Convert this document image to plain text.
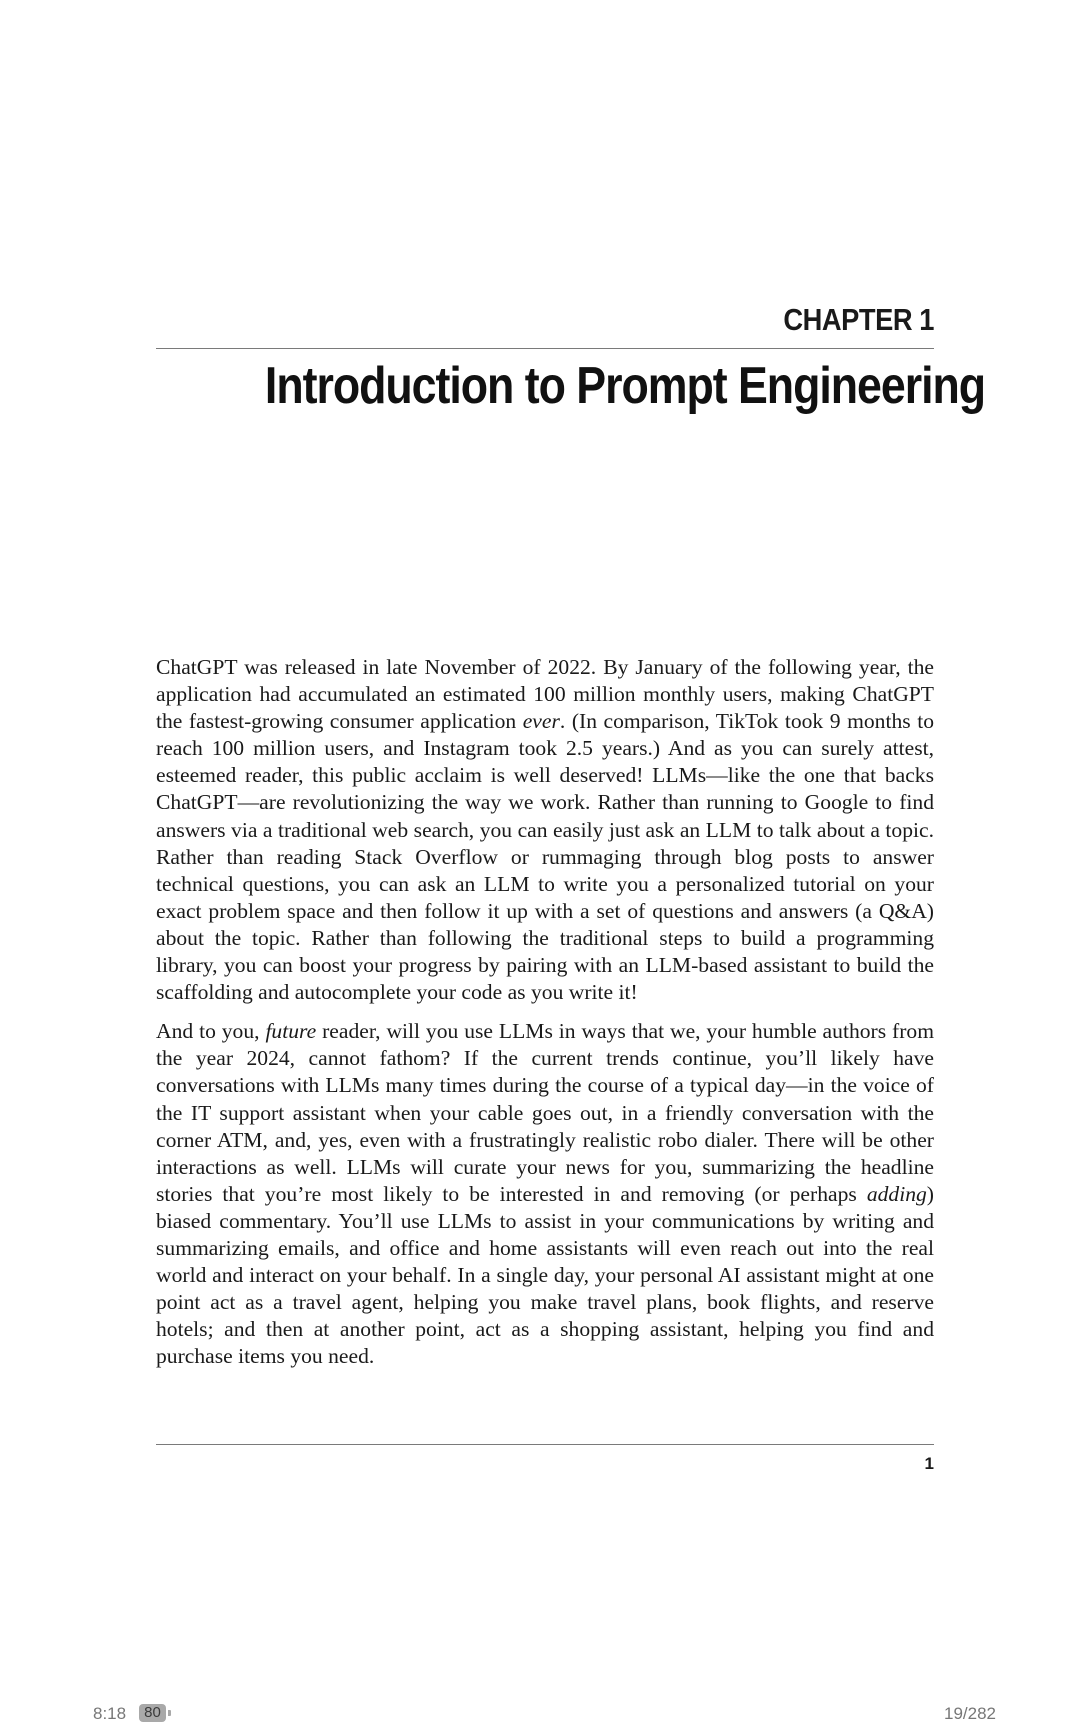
CHAPTER 1
Introduction to Prompt Engineering

ChatGPT was released in late November of 2022. By January of the following year, the application had accumulated an estimated 100 million monthly users, making ChatGPT the fastest-growing consumer application ever. (In comparison, TikTok took 9 months to reach 100 million users, and Instagram took 2.5 years.) And as you can surely attest, esteemed reader, this public acclaim is well deserved! LLMs—like the one that backs ChatGPT—are revolutionizing the way we work. Rather than running to Google to find answers via a traditional web search, you can easily just ask an LLM to talk about a topic. Rather than reading Stack Overflow or rummaging through blog posts to answer technical questions, you can ask an LLM to write you a personalized tutorial on your exact problem space and then follow it up with a set of questions and answers (a Q&A) about the topic. Rather than following the traditional steps to build a programming library, you can boost your progress by pairing with an LLM-based assistant to build the scaffolding and autocomplete your code as you write it!

And to you, future reader, will you use LLMs in ways that we, your humble authors from the year 2024, cannot fathom? If the current trends continue, you’ll likely have conversations with LLMs many times during the course of a typical day—in the voice of the IT support assistant when your cable goes out, in a friendly conversation with the corner ATM, and, yes, even with a frustratingly realistic robo dialer. There will be other interactions as well. LLMs will curate your news for you, summarizing the headline stories that you’re most likely to be interested in and removing (or perhaps adding) biased commentary. You’ll use LLMs to assist in your communications by writing and summarizing emails, and office and home assistants will even reach out into the real world and interact on your behalf. In a single day, your personal AI assistant might at one point act as a travel agent, helping you make travel plans, book flights, and reserve hotels; and then at another point, act as a shopping assistant, helping you find and purchase items you need.

1
8:18	80	19/282
